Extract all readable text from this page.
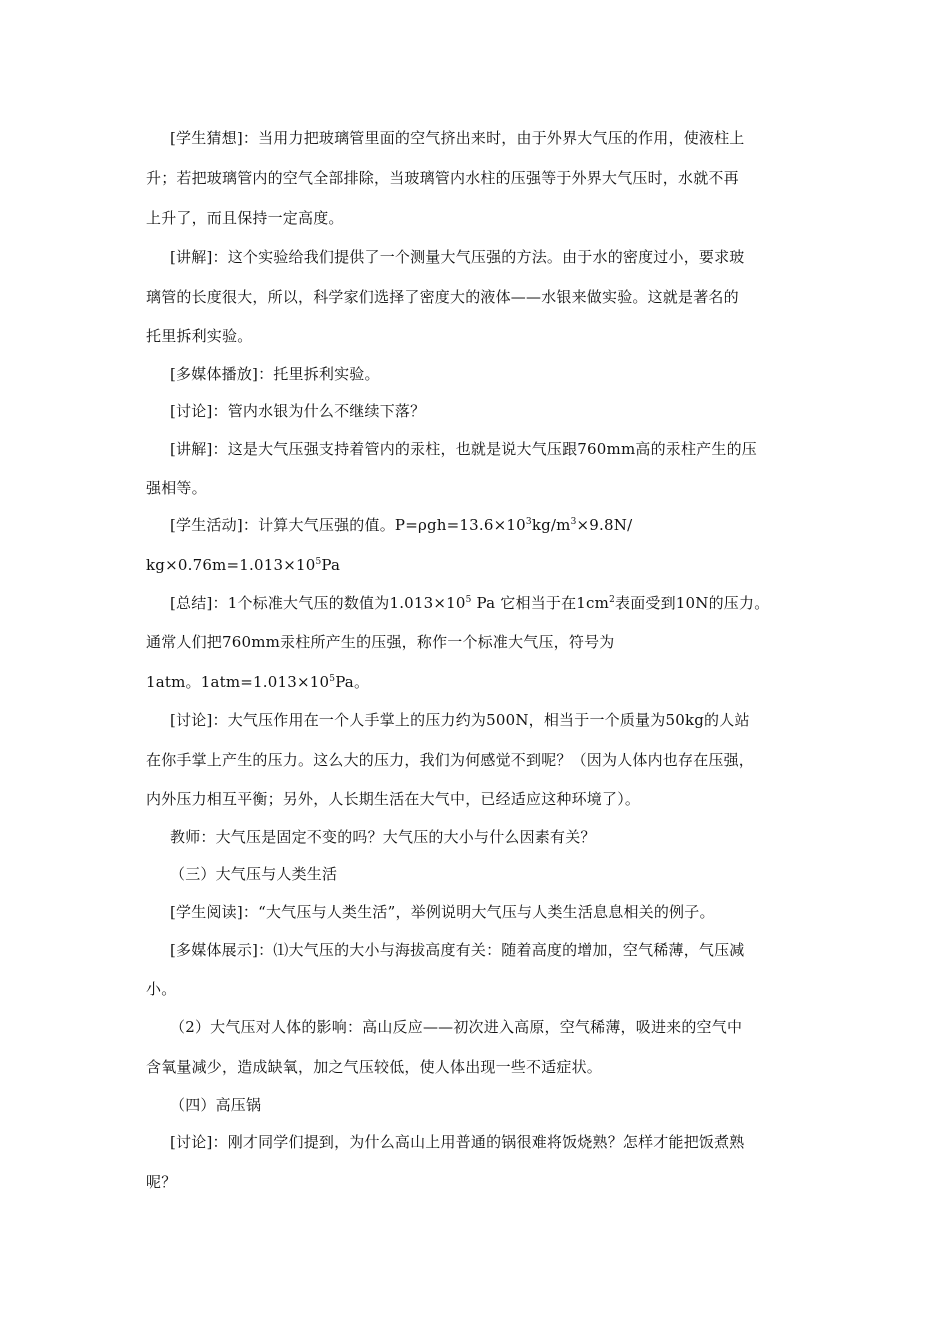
[学生猜想]：当用力把玻璃管里面的空气挤出来时，由于外界大气压的作用，使液柱上
升；若把玻璃管内的空气全部排除，当玻璃管内水柱的压强等于外界大气压时，水就不再
上升了，而且保持一定高度。
[讲解]：这个实验给我们提供了一个测量大气压强的方法。由于水的密度过小，要求玻
璃管的长度很大，所以，科学家们选择了密度大的液体——水银来做实验。这就是著名的
托里拆利实验。
[多媒体播放]：托里拆利实验。
[讨论]：管内水银为什么不继续下落？
[讲解]：这是大气压强支持着管内的汞柱，也就是说大气压跟760mm高的汞柱产生的压
强相等。
[学生活动]：计算大气压强的值。$P=\rho gh=13.6\times 10^3kg/m^3\times 9.8N/$
$kg\times 0.76m=1.013\times 10^5Pa$
[总结]：1个标准大气压的数值为$1.013\times 10^5$ Pa 它相当于在$1cm^2$表面受到10N的压力。
通常人们把760mm汞柱所产生的压强，称作一个标准大气压，符号为
1atm。$1atm=1.013\times 10^5Pa$。
[讨论]：大气压作用在一个人手掌上的压力约为500N，相当于一个质量为50kg的人站
在你手掌上产生的压力。这么大的压力，我们为何感觉不到呢？（因为人体内也存在压强，
内外压力相互平衡；另外，人长期生活在大气中，已经适应这种环境了）。
教师：大气压是固定不变的吗？大气压的大小与什么因素有关？
（三）大气压与人类生活
[学生阅读]：“大气压与人类生活”，举例说明大气压与人类生活息息相关的例子。
[多媒体展示]：⑴大气压的大小与海拔高度有关：随着高度的增加，空气稀薄，气压减
小。
（2）大气压对人体的影响：高山反应——初次进入高原，空气稀薄，吸进来的空气中
含氧量减少，造成缺氧，加之气压较低，使人体出现一些不适症状。
（四）高压锅
[讨论]：刚才同学们提到，为什么高山上用普通的锅很难将饭烧熟？怎样才能把饭煮熟
呢？
